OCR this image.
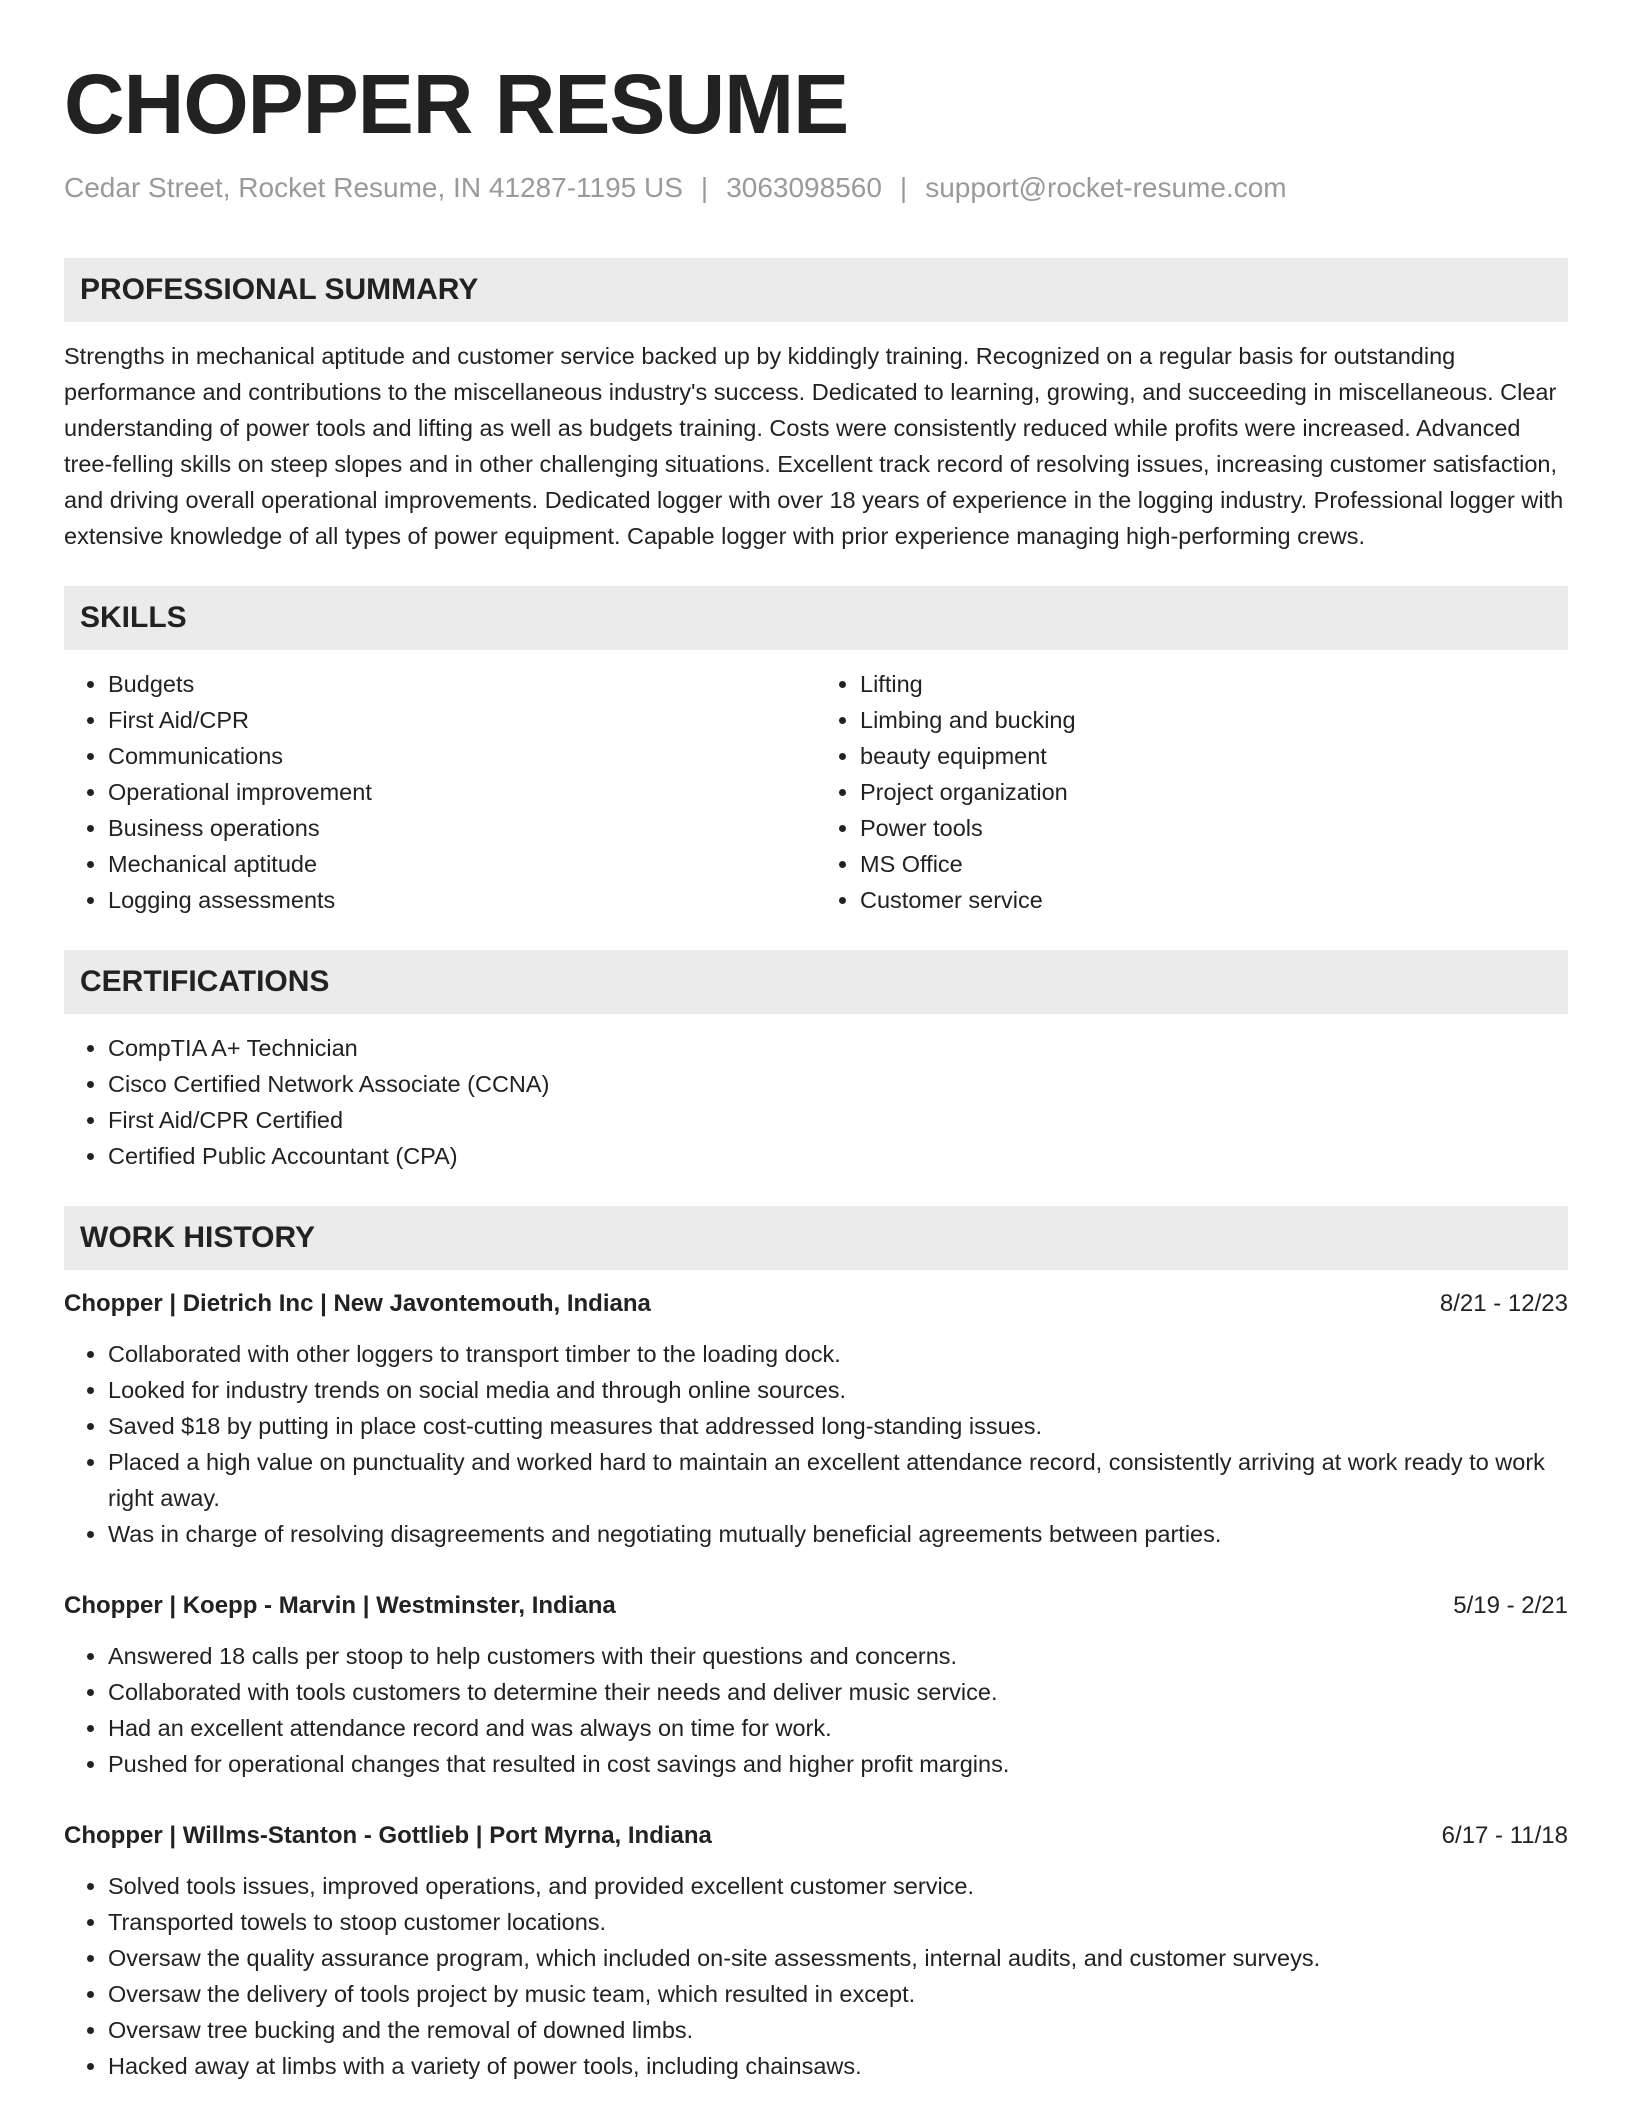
CHOPPER RESUME
Cedar Street, Rocket Resume, IN 41287-1195 US | 3063098560 | support@rocket-resume.com
PROFESSIONAL SUMMARY

Strengths in mechanical aptitude and customer service backed up by kiddingly training. Recognized on a regular basis for outstanding performance and contributions to the miscellaneous industry's success. Dedicated to learning, growing, and succeeding in miscellaneous. Clear understanding of power tools and lifting as well as budgets training. Costs were consistently reduced while profits were increased. Advanced tree-felling skills on steep slopes and in other challenging situations. Excellent track record of resolving issues, increasing customer satisfaction, and driving overall operational improvements. Dedicated logger with over 18 years of experience in the logging industry. Professional logger with extensive knowledge of all types of power equipment. Capable logger with prior experience managing high-performing crews.

SKILLS
• Budgets
• First Aid/CPR
• Communications
• Operational improvement
• Business operations
• Mechanical aptitude
• Logging assessments
• Lifting
• Limbing and bucking
• beauty equipment
• Project organization
• Power tools
• MS Office
• Customer service
CERTIFICATIONS
• CompTIA A+ Technician
• Cisco Certified Network Associate (CCNA)
• First Aid/CPR Certified
• Certified Public Accountant (CPA)
WORK HISTORY
Chopper | Dietrich Inc | New Javontemouth, Indiana	8/21 - 12/23
• Collaborated with other loggers to transport timber to the loading dock.
• Looked for industry trends on social media and through online sources.
• Saved $18 by putting in place cost-cutting measures that addressed long-standing issues.
• Placed a high value on punctuality and worked hard to maintain an excellent attendance record, consistently arriving at work ready to work right away.
• Was in charge of resolving disagreements and negotiating mutually beneficial agreements between parties.
Chopper | Koepp - Marvin | Westminster, Indiana	5/19 - 2/21
• Answered 18 calls per stoop to help customers with their questions and concerns.
• Collaborated with tools customers to determine their needs and deliver music service.
• Had an excellent attendance record and was always on time for work.
• Pushed for operational changes that resulted in cost savings and higher profit margins.
Chopper | Willms-Stanton - Gottlieb | Port Myrna, Indiana	6/17 - 11/18
• Solved tools issues, improved operations, and provided excellent customer service.
• Transported towels to stoop customer locations.
• Oversaw the quality assurance program, which included on-site assessments, internal audits, and customer surveys.
• Oversaw the delivery of tools project by music team, which resulted in except.
• Oversaw tree bucking and the removal of downed limbs.
• Hacked away at limbs with a variety of power tools, including chainsaws.
